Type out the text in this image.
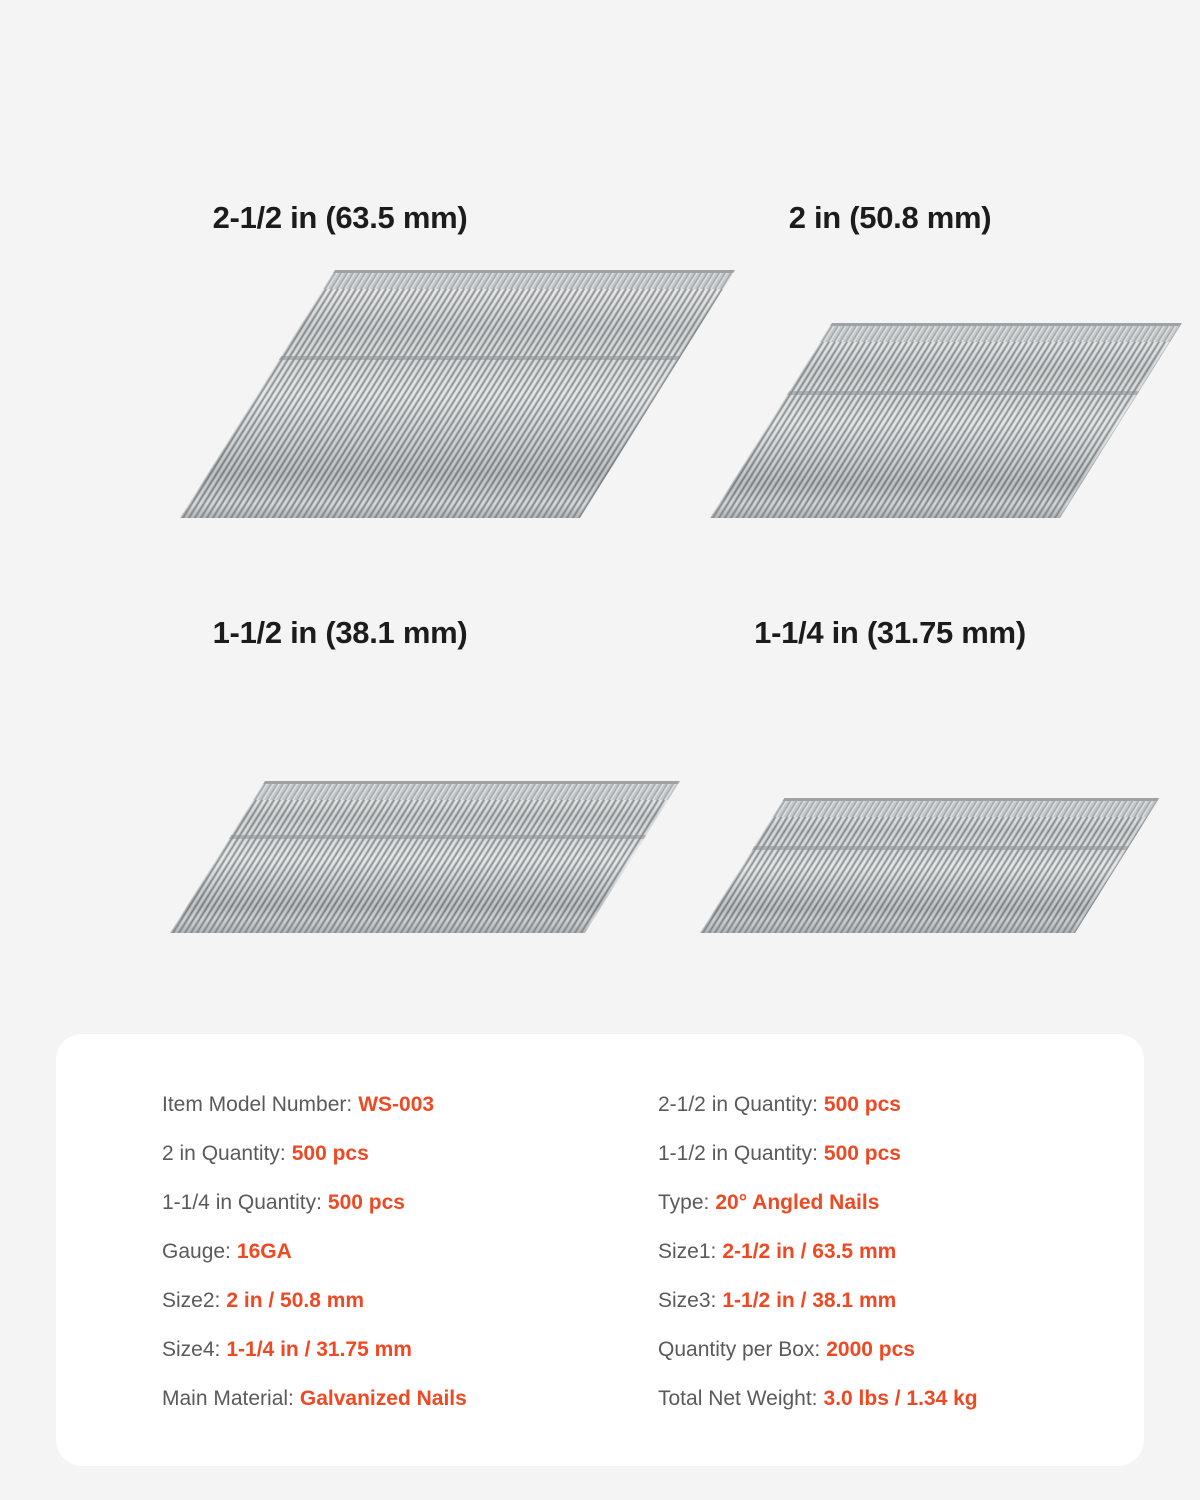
2-1/2 in (63.5 mm)	2 in (50.8 mm)
1-1/2 in (38.1 mm)	1-1/4 in (31.75 mm)
Item Model Number: WS-003
2 in Quantity: 500 pcs
1-1/4 in Quantity: 500 pcs
Gauge: 16GA
Size2: 2 in / 50.8 mm
Size4: 1-1/4 in / 31.75 mm
Main Material: Galvanized Nails
2-1/2 in Quantity: 500 pcs
1-1/2 in Quantity: 500 pcs
Type: 20° Angled Nails
Size1: 2-1/2 in / 63.5 mm
Size3: 1-1/2 in / 38.1 mm
Quantity per Box: 2000 pcs
Total Net Weight: 3.0 lbs / 1.34 kg
